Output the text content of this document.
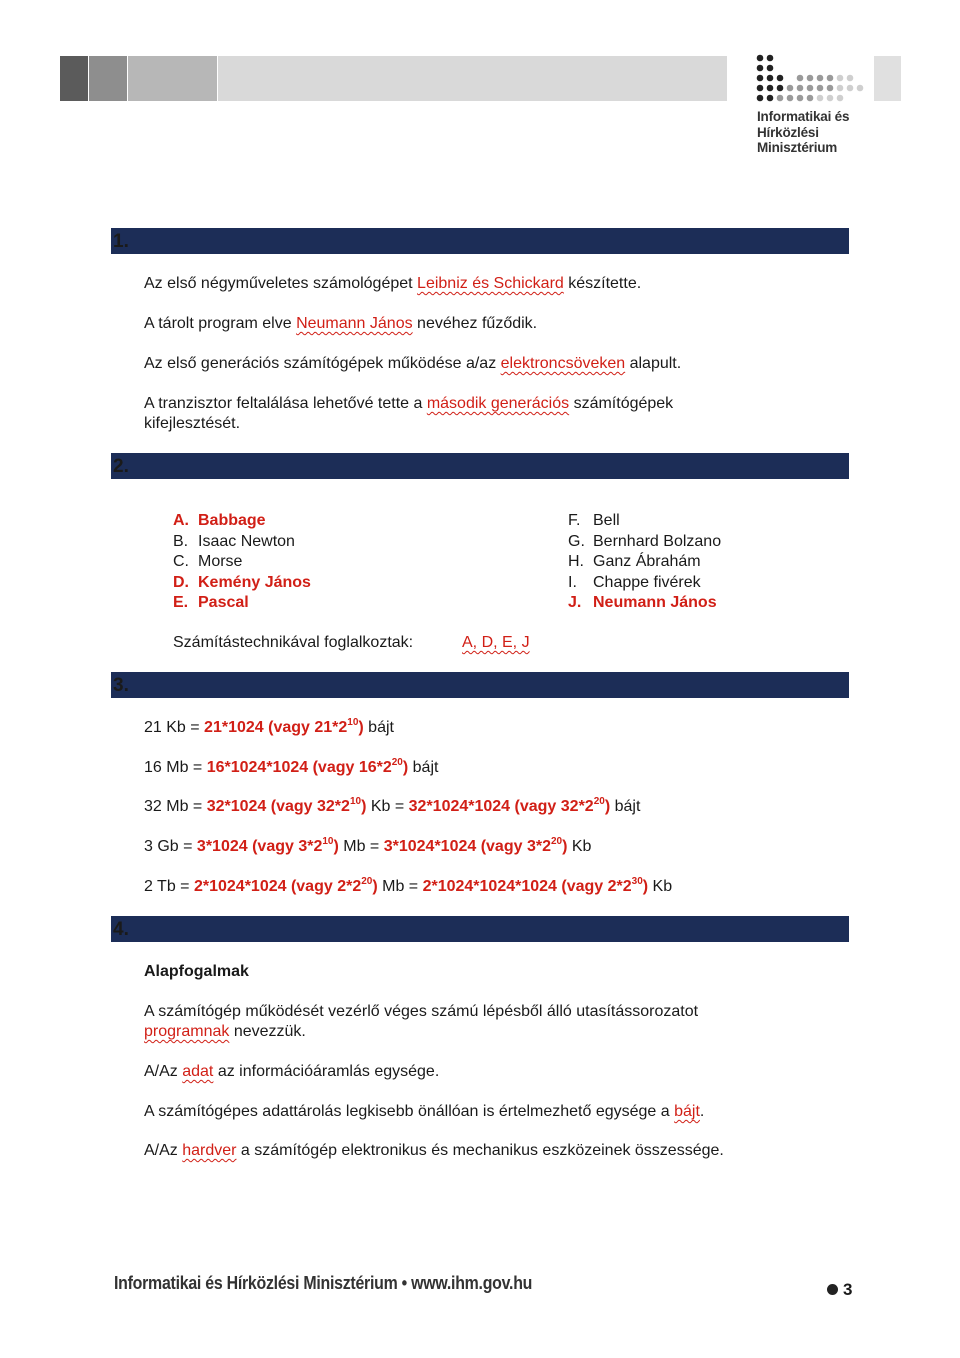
Informatikai és
Hírközlési
Minisztérium
1.
Az első négyműveletes számológépet Leibniz és Schickard készítette.
A tárolt program elve Neumann János nevéhez fűződik.
Az első generációs számítógépek működése a/az elektroncsöveken alapult.
A tranzisztor feltalálása lehetővé tette a második generációs számítógépek
kifejlesztését.
2.
A. Babbage
B. Isaac Newton
C. Morse
D. Kemény János
E. Pascal
F. Bell
G. Bernhard Bolzano
H. Ganz Ábrahám
I. Chappe fivérek
J. Neumann János
Számítástechnikával foglalkoztak:	A, D, E, J
3.
21 Kb = 21*1024 (vagy $21*2^{10}$) bájt
16 Mb = 16*1024*1024 (vagy $16*2^{20}$) bájt
32 Mb = 32*1024 (vagy $32*2^{10}$) Kb = 32*1024*1024 (vagy $32*2^{20}$) bájt
3 Gb = 3*1024 (vagy $3*2^{10}$) Mb = 3*1024*1024 (vagy $3*2^{20}$) Kb
2 Tb = 2*1024*1024 (vagy $2*2^{20}$) Mb = 2*1024*1024*1024 (vagy $2*2^{30}$) Kb
4.
Alapfogalmak
A számítógép működését vezérlő véges számú lépésből álló utasítássorozatot
programnak nevezzük.
A/Az adat az információáramlás egysége.
A számítógépes adattárolás legkisebb önállóan is értelmezhető egysége a bájt.
A/Az hardver a számítógép elektronikus és mechanikus eszközeinek összessége.
Informatikai és Hírközlési Minisztérium • www.ihm.gov.hu	3
